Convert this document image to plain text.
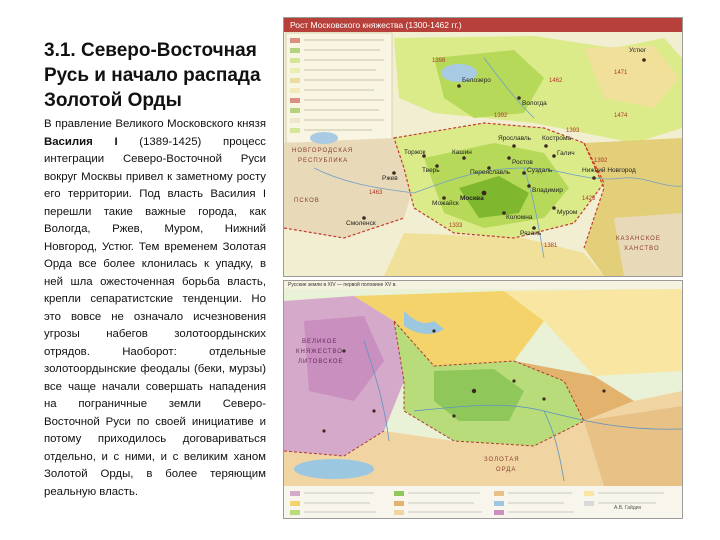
3.1. Северо-Восточная Русь и начало распада Золотой Орды
В правление Великого Московского князя Василия I (1389-1425) процесс интеграции Северо-Восточной Руси вокруг Москвы привел к заметному росту его территории. Под власть Василия I перешли такие важные города, как Вологда, Ржев, Муром, Нижний Новгород, Устюг. Тем временем Золотая Орда все более клонилась к упадку, в ней шла ожесточенная борьба власть, крепли сепаратистские тенденции. Но это вовсе не означало исчезновения угрозы набегов золотоордынских отрядов. Наоборот: отдельные золотоордынские феодалы (беки, мурзы) все чаще начали совершать нападения на пограничные земли Северо-Восточной Руси по своей инициативе и потому приходилось договариваться отдельно, и с ними, и с великим ханом Золотой Орды, в более теряющим реальную власть.
Рост Московского княжества (1300-1462 гг.)
Белозеро
Вологда
Устюг
Тверь
Ростов
Ярославль Кострома
Галич
Москва
Владимир
Суздаль	Нижний Новгород
Ржев
Можайск
Коломна
Рязань
Муром
Переяславль
Кашин
Торжок
Смоленск
НОВГОРОДСКАЯ
РЕСПУБЛИКА
ПСКОВ
КАЗАНСКОЕ
ХАНСТВО
1398
1462
1471
1392
1393
1425
1463
1474
1333
1381
1392
Русские земли в XIV — первой половине XV в.
ВЕЛИКОЕ
КНЯЖЕСТВО
ЛИТОВСКОЕ
ЗОЛОТАЯ
ОРДА
А.В. Гайдин
